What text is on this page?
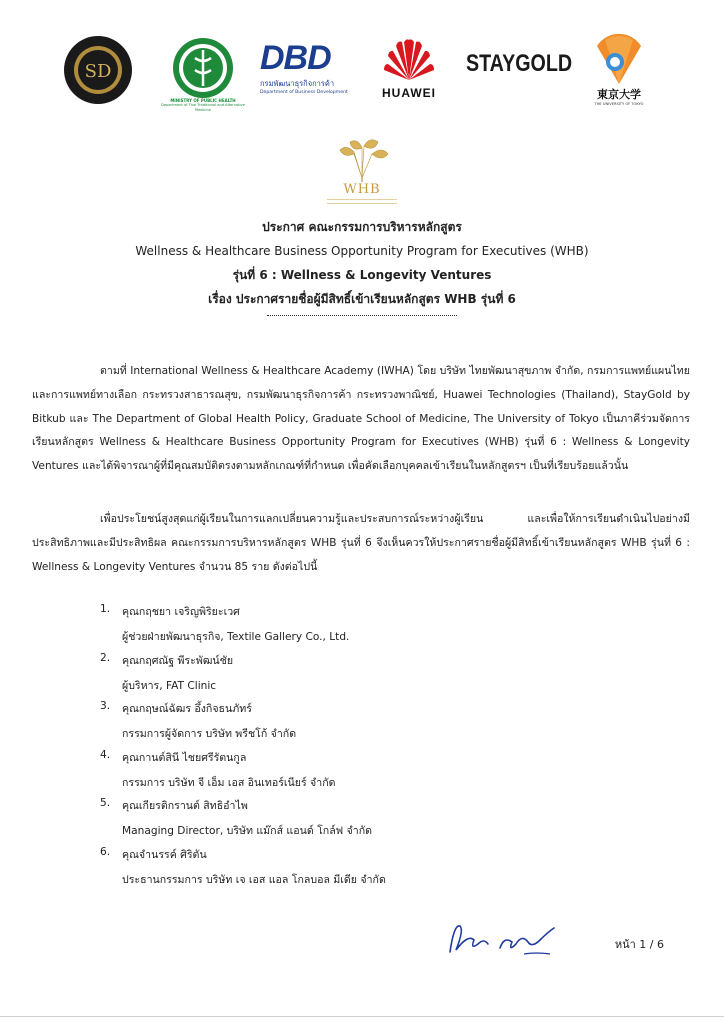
SD
MINISTRY OF PUBLIC HEALTH
Department of Thai Traditional and Alternative Medicine
DBD
กรมพัฒนาธุรกิจการค้า
Department of Business Development	HUAWEI
STAYGOLD
東京大学
THE UNIVERSITY OF TOKYO
WHB
ประกาศ คณะกรรมการบริหารหลักสูตร
Wellness & Healthcare Business Opportunity Program for Executives (WHB)
รุ่นที่ 6 : Wellness & Longevity Ventures
เรื่อง ประกาศรายชื่อผู้มีสิทธิ์เข้าเรียนหลักสูตร WHB รุ่นที่ 6
ตามที่ International Wellness & Healthcare Academy (IWHA) โดย บริษัท ไทยพัฒนาสุขภาพ จำกัด, กรมการแพทย์แผนไทยและการแพทย์ทางเลือก กระทรวงสาธารณสุข, กรมพัฒนาธุรกิจการค้า กระทรวงพาณิชย์, Huawei Technologies (Thailand), StayGold by Bitkub และ The Department of Global Health Policy, Graduate School of Medicine, The University of Tokyo เป็นภาคีร่วมจัดการเรียนหลักสูตร Wellness & Healthcare Business Opportunity Program for Executives (WHB) รุ่นที่ 6 : Wellness & Longevity Ventures และได้พิจารณาผู้ที่มีคุณสมบัติตรงตามหลักเกณฑ์ที่กำหนด เพื่อคัดเลือกบุคคลเข้าเรียนในหลักสูตรฯ เป็นที่เรียบร้อยแล้วนั้น
เพื่อประโยชน์สูงสุดแก่ผู้เรียนในการแลกเปลี่ยนความรู้และประสบการณ์ระหว่างผู้เรียน และเพื่อให้การเรียนดำเนินไปอย่างมีประสิทธิภาพและมีประสิทธิผล คณะกรรมการบริหารหลักสูตร WHB รุ่นที่ 6 จึงเห็นควรให้ประกาศรายชื่อผู้มีสิทธิ์เข้าเรียนหลักสูตร WHB รุ่นที่ 6 : Wellness & Longevity Ventures จำนวน 85 ราย ดังต่อไปนี้
1.	คุณกฤชยา เจริญพิริยะเวศ
ผู้ช่วยฝ่ายพัฒนาธุรกิจ, Textile Gallery Co., Ltd.
2.	คุณกฤศณัฐ พีระพัฒน์ชัย
ผู้บริหาร, FAT Clinic
3.	คุณกฤษณ์ฉัฒร อึ้งกิจธนภัทร์
กรรมการผู้จัดการ บริษัท พรีชโก้ จำกัด
4.	คุณกานต์สินี ไชยศรีรัตนกูล
กรรมการ บริษัท จี เอ็ม เอส อินเทอร์เนียร์ จำกัด
5.	คุณเกียรติกรานต์ สิทธิอำไพ
Managing Director, บริษัท แม๊กส์ แอนด์ โกล์ฟ จำกัด
6.	คุณจำนรรค์ ศิริตัน
ประธานกรรมการ บริษัท เจ เอส แอล โกลบอล มีเดีย จำกัด
หน้า 1 / 6
